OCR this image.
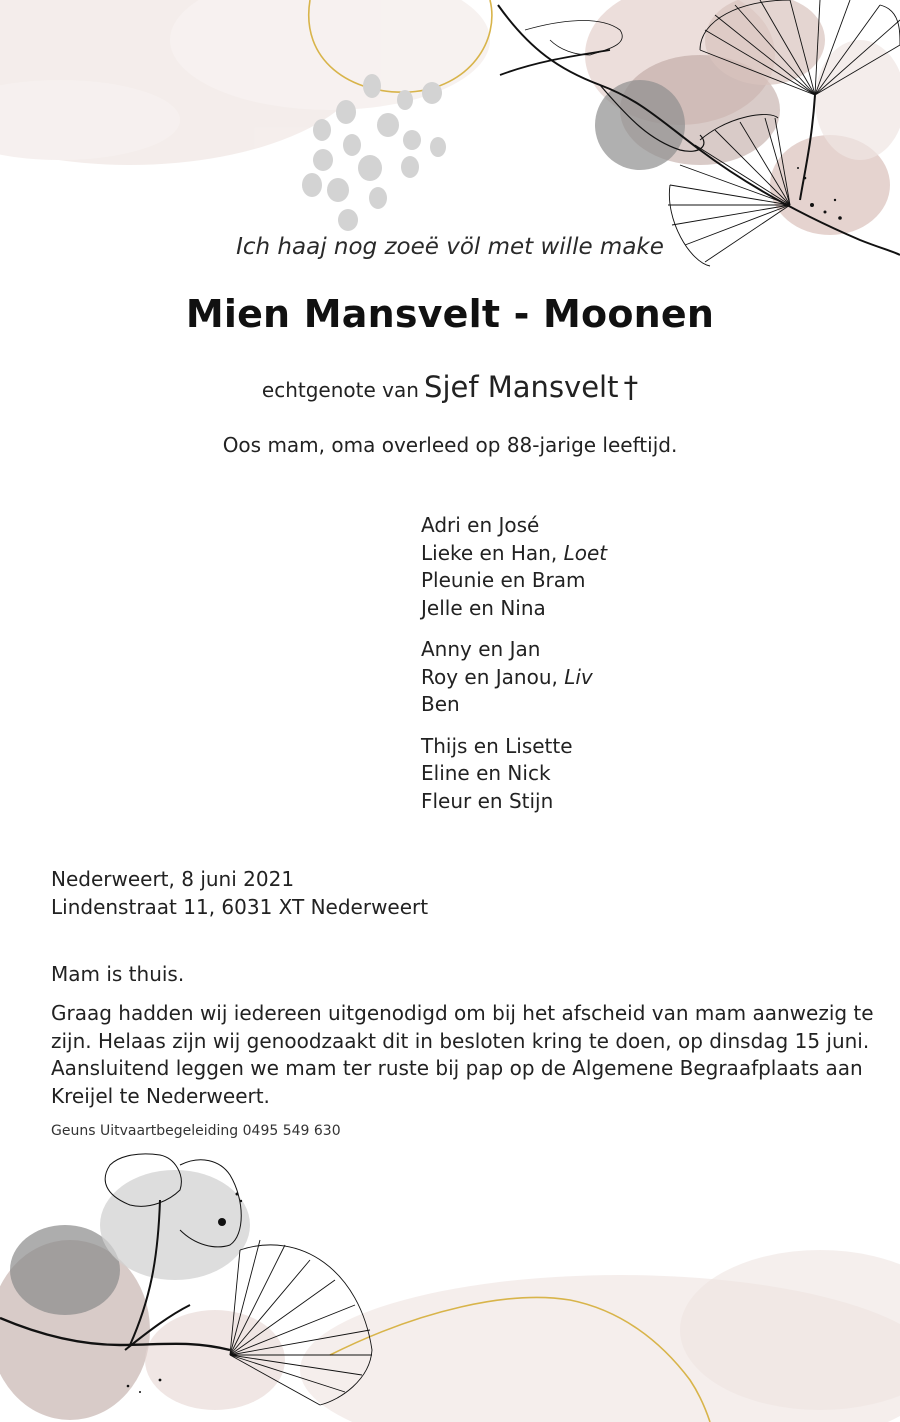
Ich haaj nog zoeë völ met wille make
Mien Mansvelt - Moonen
echtgenote van Sjef Mansvelt †
Oos mam, oma overleed op 88-jarige leeftijd.
Adri en José
Lieke en Han, Loet
Pleunie en Bram
Jelle en Nina
Anny en Jan
Roy en Janou, Liv
Ben
Thijs en Lisette
Eline en Nick
Fleur en Stijn
Nederweert, 8 juni 2021
Lindenstraat 11, 6031 XT Nederweert
Mam is thuis.
Graag hadden wij iedereen uitgenodigd om bij het afscheid van mam aanwezig te
zijn. Helaas zijn wij genoodzaakt dit in besloten kring te doen, op dinsdag 15 juni.
Aansluitend leggen we mam ter ruste bij pap op de Algemene Begraafplaats aan
Kreijel te Nederweert.
Geuns Uitvaartbegeleiding 0495 549 630
